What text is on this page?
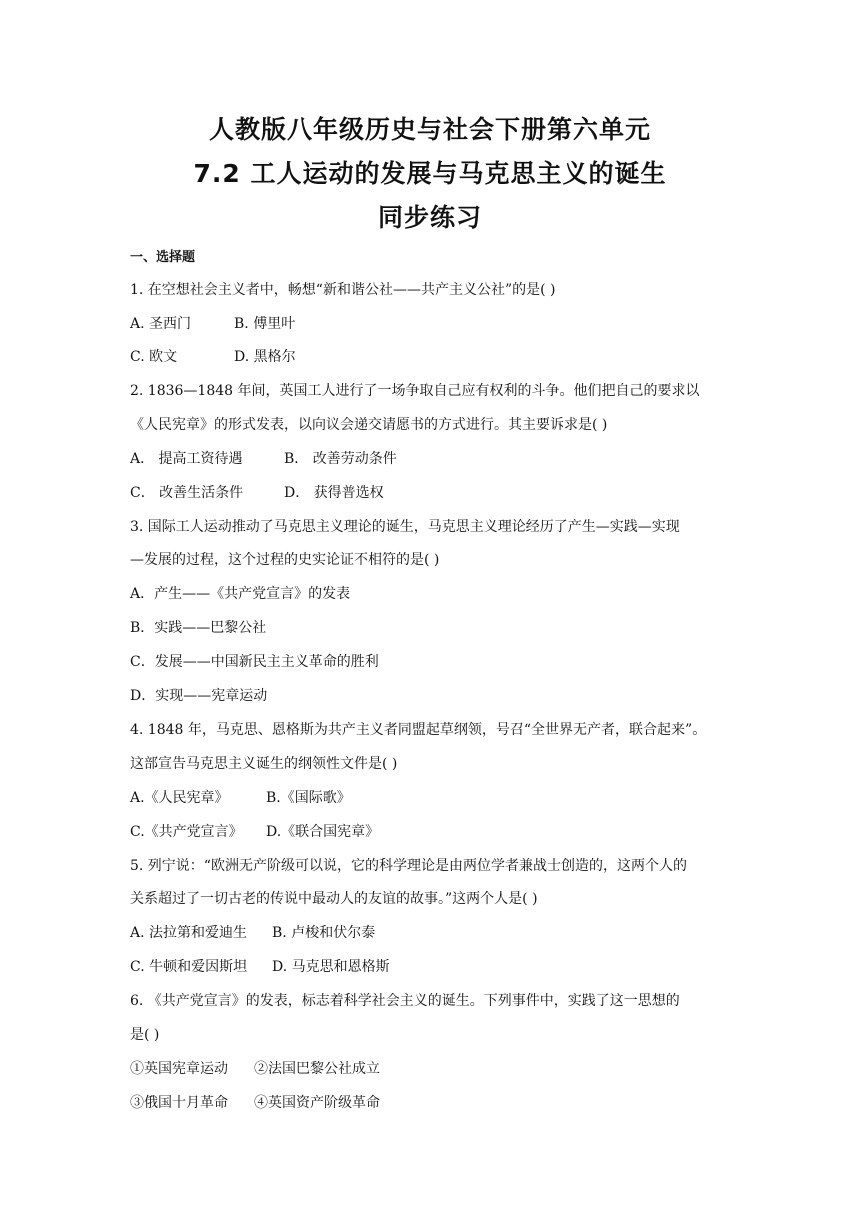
人教版八年级历史与社会下册第六单元
7.2 工人运动的发展与马克思主义的诞生
同步练习
一、选择题
1. 在空想社会主义者中，畅想“新和谐公社——共产主义公社”的是( )
A. 圣西门	B. 傅里叶
C. 欧文	D. 黑格尔
2. 1836—1848 年间，英国工人进行了一场争取自己应有权利的斗争。他们把自己的要求以
《人民宪章》的形式发表，以向议会递交请愿书的方式进行。其主要诉求是( )
A． 提高工资待遇	B． 改善劳动条件
C． 改善生活条件	D． 获得普选权
3. 国际工人运动推动了马克思主义理论的诞生，马克思主义理论经历了产生—实践—实现
—发展的过程，这个过程的史实论证不相符的是( )
A．产生——《共产党宣言》的发表
B．实践——巴黎公社
C．发展——中国新民主主义革命的胜利
D．实现——宪章运动
4. 1848 年，马克思、恩格斯为共产主义者同盟起草纲领，号召“全世界无产者，联合起来”。
这部宣告马克思主义诞生的纲领性文件是( )
A.《人民宪章》	B.《国际歌》
C.《共产党宣言》 D.《联合国宪章》
5. 列宁说：“欧洲无产阶级可以说，它的科学理论是由两位学者兼战士创造的，这两个人的
关系超过了一切古老的传说中最动人的友谊的故事。”这两个人是( )
A. 法拉第和爱迪生 B. 卢梭和伏尔泰
C. 牛顿和爱因斯坦 D. 马克思和恩格斯
6. 《共产党宣言》的发表，标志着科学社会主义的诞生。下列事件中，实践了这一思想的
是( )
①英国宪章运动 ②法国巴黎公社成立
③俄国十月革命 ④英国资产阶级革命
